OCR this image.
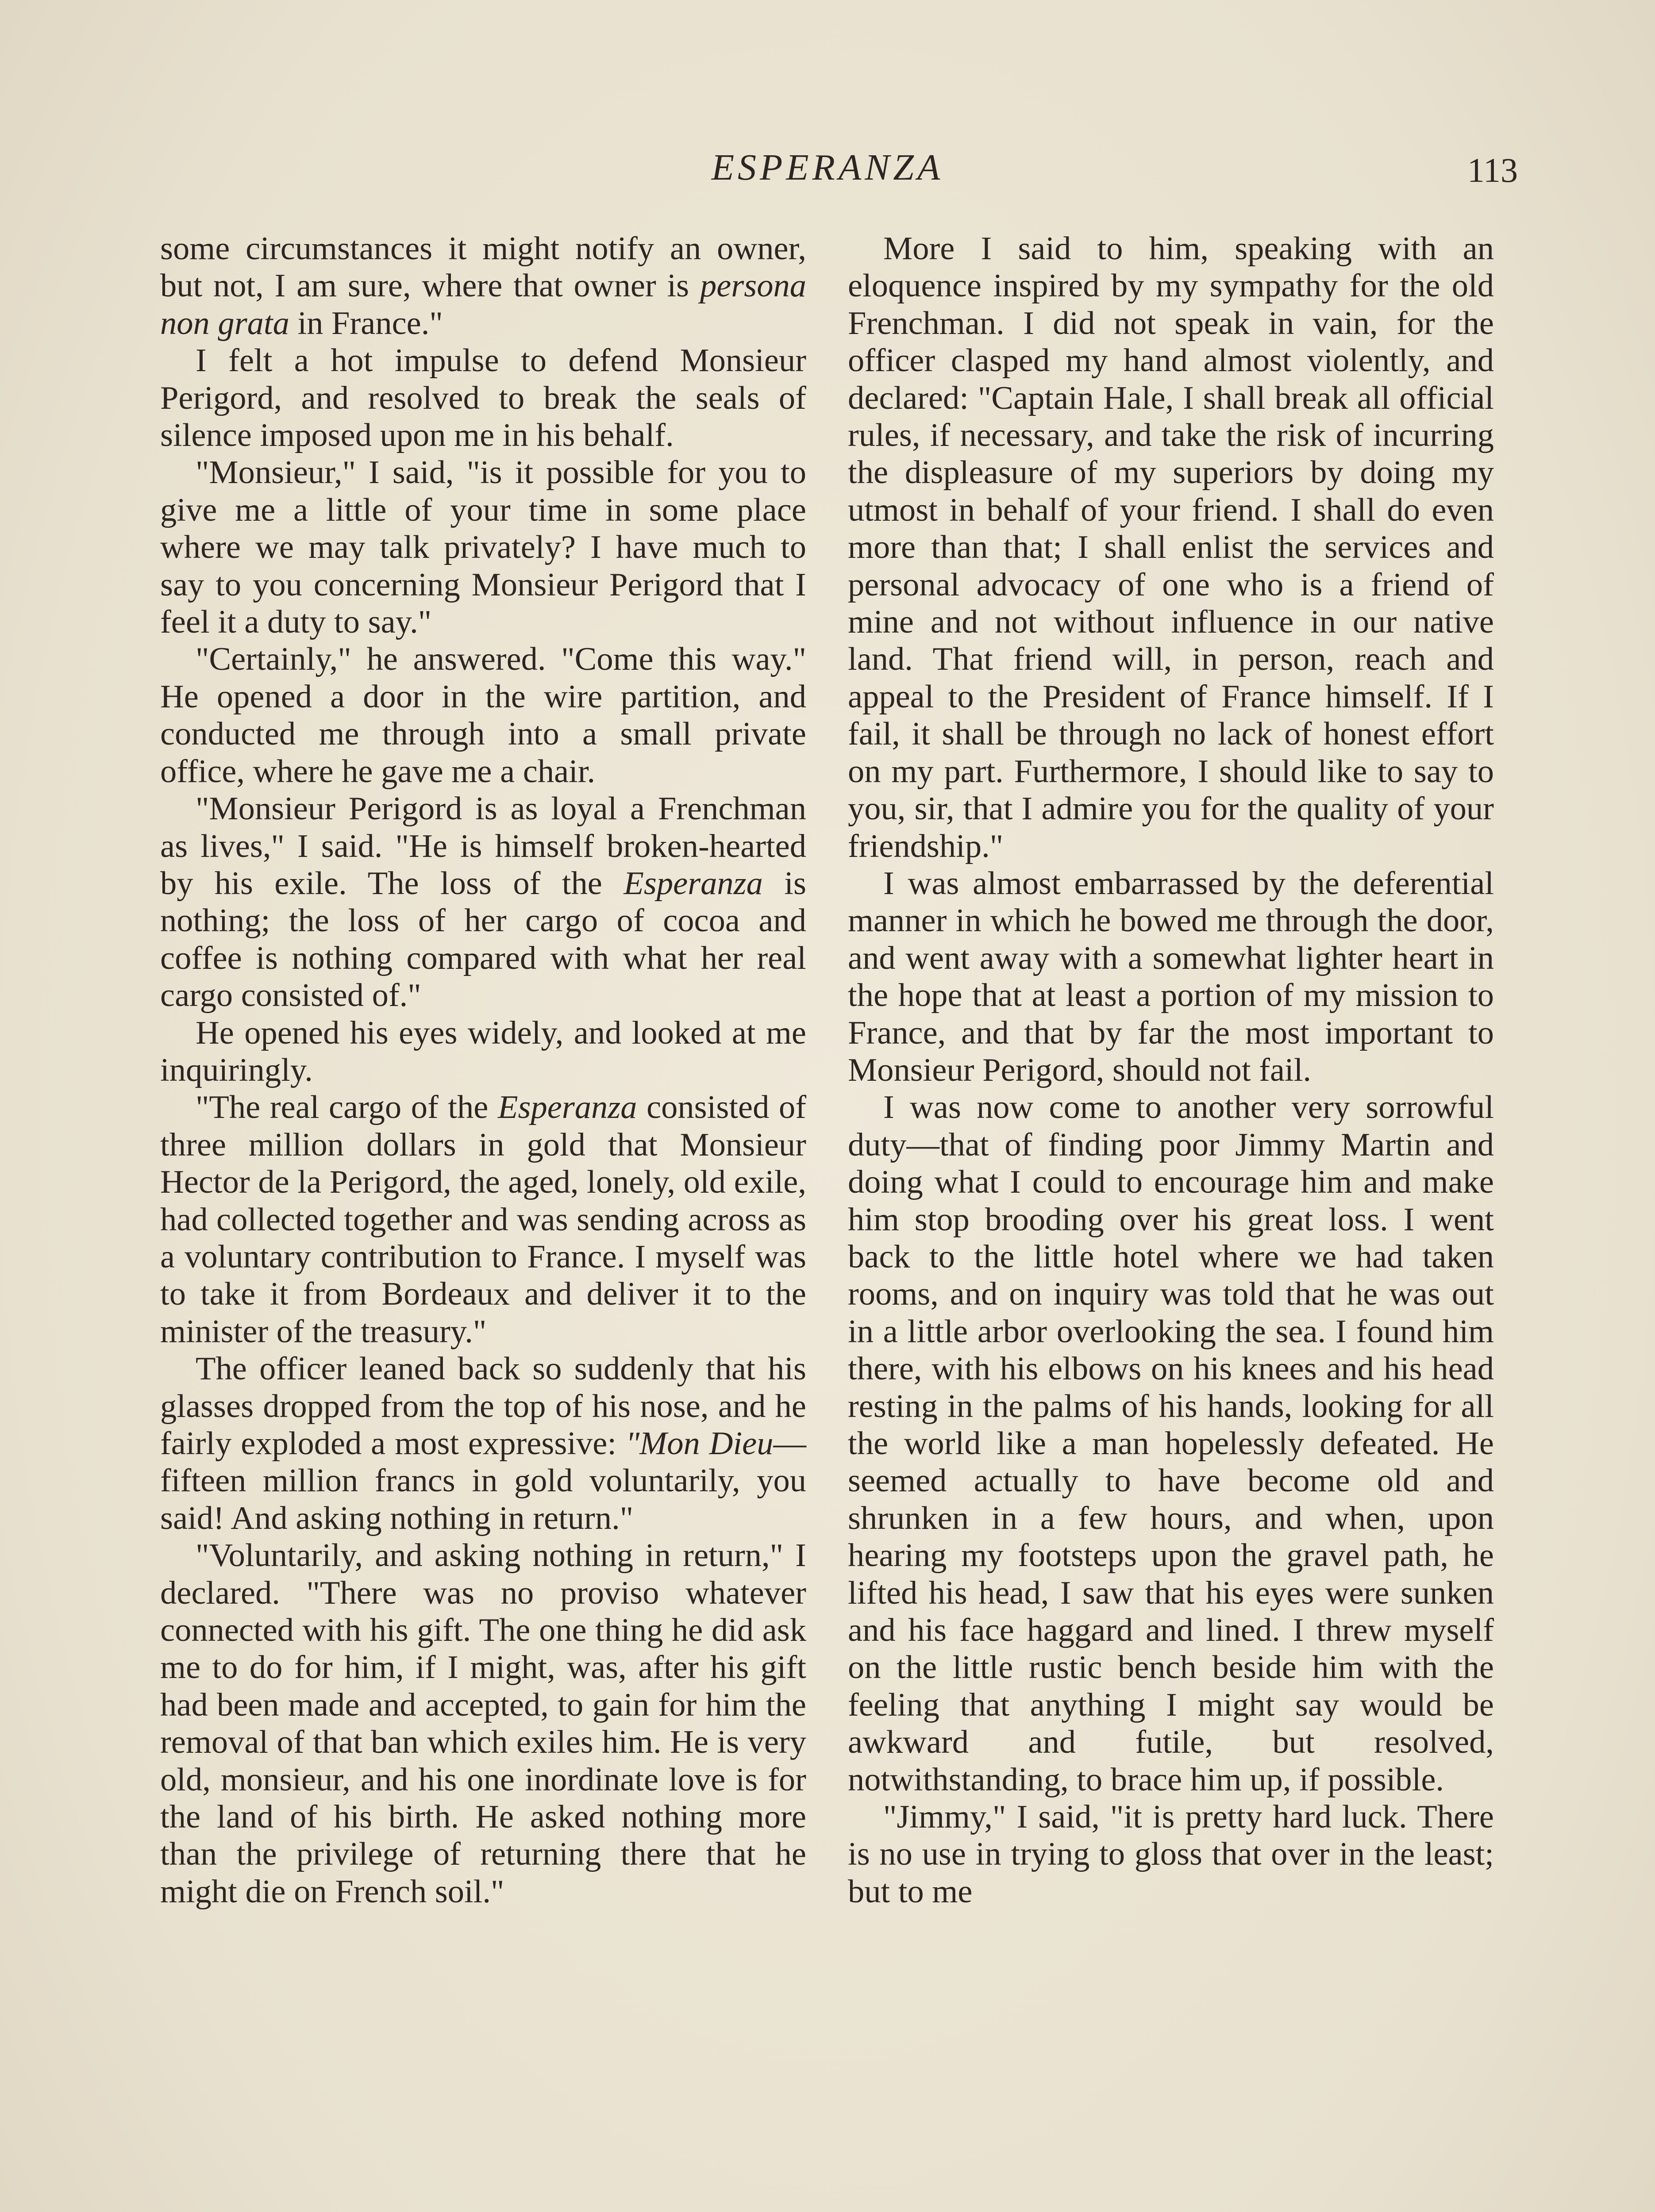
ESPERANZA	113

some circumstances it might notify an owner, but not, I am sure, where that owner is persona non grata in France."

I felt a hot impulse to defend Monsieur Perigord, and resolved to break the seals of silence imposed upon me in his behalf.

"Monsieur," I said, "is it possible for you to give me a little of your time in some place where we may talk privately? I have much to say to you concerning Monsieur Perigord that I feel it a duty to say."

"Certainly," he answered. "Come this way." He opened a door in the wire partition, and conducted me through into a small private office, where he gave me a chair.

"Monsieur Perigord is as loyal a Frenchman as lives," I said. "He is himself broken-hearted by his exile. The loss of the Esperanza is nothing; the loss of her cargo of cocoa and coffee is nothing compared with what her real cargo consisted of."

He opened his eyes widely, and looked at me inquiringly.

"The real cargo of the Esperanza consisted of three million dollars in gold that Monsieur Hector de la Perigord, the aged, lonely, old exile, had collected together and was sending across as a voluntary contribution to France. I myself was to take it from Bordeaux and deliver it to the minister of the treasury."

The officer leaned back so suddenly that his glasses dropped from the top of his nose, and he fairly exploded a most expressive: "Mon Dieu—fifteen million francs in gold voluntarily, you said! And asking nothing in return."

"Voluntarily, and asking nothing in return," I declared. "There was no proviso whatever connected with his gift. The one thing he did ask me to do for him, if I might, was, after his gift had been made and accepted, to gain for him the removal of that ban which exiles him. He is very old, monsieur, and his one inordinate love is for the land of his birth. He asked nothing more than the privilege of returning there that he might die on French soil."

More I said to him, speaking with an eloquence inspired by my sympathy for the old Frenchman. I did not speak in vain, for the officer clasped my hand almost violently, and declared: "Captain Hale, I shall break all official rules, if necessary, and take the risk of incurring the displeasure of my superiors by doing my utmost in behalf of your friend. I shall do even more than that; I shall enlist the services and personal advocacy of one who is a friend of mine and not without influence in our native land. That friend will, in person, reach and appeal to the President of France himself. If I fail, it shall be through no lack of honest effort on my part. Furthermore, I should like to say to you, sir, that I admire you for the quality of your friendship."

I was almost embarrassed by the deferential manner in which he bowed me through the door, and went away with a somewhat lighter heart in the hope that at least a portion of my mission to France, and that by far the most important to Monsieur Perigord, should not fail.

I was now come to another very sorrowful duty—that of finding poor Jimmy Martin and doing what I could to encourage him and make him stop brooding over his great loss. I went back to the little hotel where we had taken rooms, and on inquiry was told that he was out in a little arbor overlooking the sea. I found him there, with his elbows on his knees and his head resting in the palms of his hands, looking for all the world like a man hopelessly defeated. He seemed actually to have become old and shrunken in a few hours, and when, upon hearing my footsteps upon the gravel path, he lifted his head, I saw that his eyes were sunken and his face haggard and lined. I threw myself on the little rustic bench beside him with the feeling that anything I might say would be awkward and futile, but resolved, notwithstanding, to brace him up, if possible.

"Jimmy," I said, "it is pretty hard luck. There is no use in trying to gloss that over in the least; but to me
